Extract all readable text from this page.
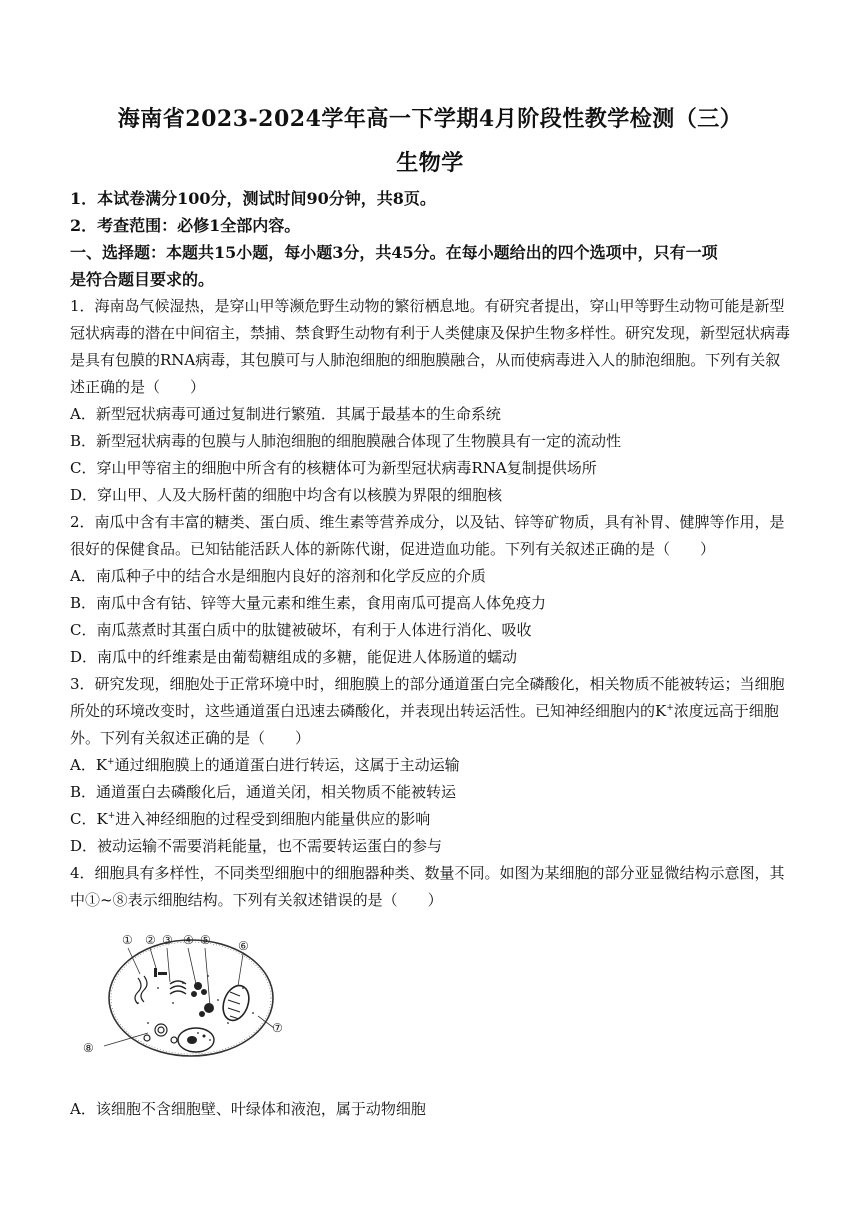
海南省2023-2024学年高一下学期4月阶段性教学检测（三）
生物学
1．本试卷满分100分，测试时间90分钟，共8页。
2．考查范围：必修1全部内容。
一、选择题：本题共15小题，每小题3分，共45分。在每小题给出的四个选项中，只有一项
是符合题目要求的。
1．海南岛气候湿热，是穿山甲等濒危野生动物的繁衍栖息地。有研究者提出，穿山甲等野生动物可能是新型
冠状病毒的潜在中间宿主，禁捕、禁食野生动物有利于人类健康及保护生物多样性。研究发现，新型冠状病毒
是具有包膜的RNA病毒，其包膜可与人肺泡细胞的细胞膜融合，从而使病毒进入人的肺泡细胞。下列有关叙
述正确的是（　　）
A．新型冠状病毒可通过复制进行繁殖．其属于最基本的生命系统
B．新型冠状病毒的包膜与人肺泡细胞的细胞膜融合体现了生物膜具有一定的流动性
C．穿山甲等宿主的细胞中所含有的核糖体可为新型冠状病毒RNA复制提供场所
D．穿山甲、人及大肠杆菌的细胞中均含有以核膜为界限的细胞核
2．南瓜中含有丰富的糖类、蛋白质、维生素等营养成分，以及钴、锌等矿物质，具有补胃、健脾等作用，是
很好的保健食品。已知钴能活跃人体的新陈代谢，促进造血功能。下列有关叙述正确的是（　　）
A．南瓜种子中的结合水是细胞内良好的溶剂和化学反应的介质
B．南瓜中含有钴、锌等大量元素和维生素，食用南瓜可提高人体免疫力
C．南瓜蒸煮时其蛋白质中的肽键被破坏，有利于人体进行消化、吸收
D．南瓜中的纤维素是由葡萄糖组成的多糖，能促进人体肠道的蠕动
3．研究发现，细胞处于正常环境中时，细胞膜上的部分通道蛋白完全磷酸化，相关物质不能被转运；当细胞
所处的环境改变时，这些通道蛋白迅速去磷酸化，并表现出转运活性。已知神经细胞内的K+浓度远高于细胞
外。下列有关叙述正确的是（　　）
A．K+通过细胞膜上的通道蛋白进行转运，这属于主动运输
B．通道蛋白去磷酸化后，通道关闭，相关物质不能被转运
C．K+进入神经细胞的过程受到细胞内能量供应的影响
D．被动运输不需要消耗能量，也不需要转运蛋白的参与
4．细胞具有多样性，不同类型细胞中的细胞器种类、数量不同。如图为某细胞的部分亚显微结构示意图，其
中①~⑧表示细胞结构。下列有关叙述错误的是（　　）
① ② ③ ④ ⑤ ⑥
⑦
⑧
A．该细胞不含细胞壁、叶绿体和液泡，属于动物细胞
